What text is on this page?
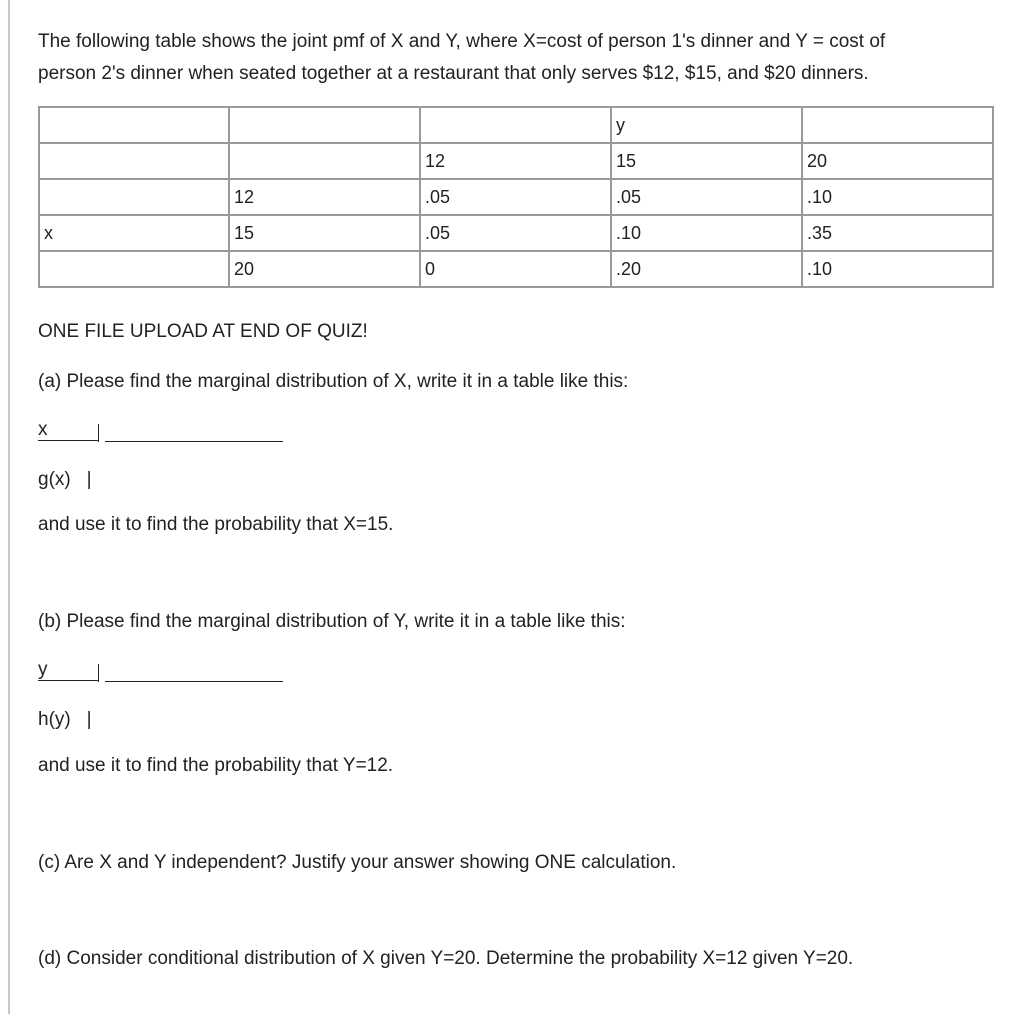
The following table shows the joint pmf of X and Y, where X=cost of person 1's dinner and Y = cost of
person 2's dinner when seated together at a restaurant that only serves $12, $15, and $20 dinners.
			y	
		12	15	20
	12	.05	.05	.10
x	15	.05	.10	.35
	20	0	.20	.10
ONE FILE UPLOAD AT END OF QUIZ!
(a) Please find the marginal distribution of X, write it in a table like this:
x
g(x) |
and use it to find the probability that X=15.
(b) Please find the marginal distribution of Y, write it in a table like this:
y
h(y) |
and use it to find the probability that Y=12.
(c) Are X and Y independent? Justify your answer showing ONE calculation.
(d) Consider conditional distribution of X given Y=20. Determine the probability X=12 given Y=20.
